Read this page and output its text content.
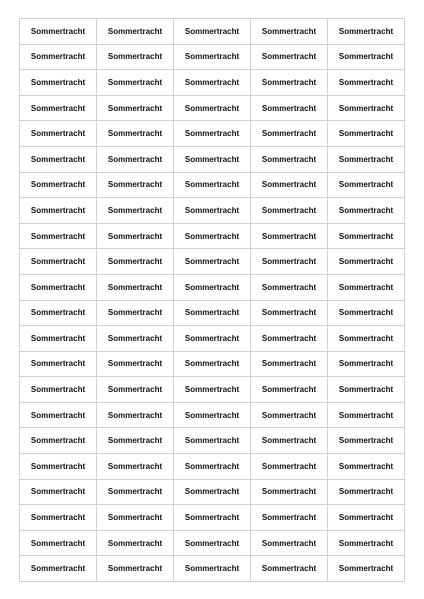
Sommertracht	Sommertracht	Sommertracht	Sommertracht	Sommertracht
Sommertracht	Sommertracht	Sommertracht	Sommertracht	Sommertracht
Sommertracht	Sommertracht	Sommertracht	Sommertracht	Sommertracht
Sommertracht	Sommertracht	Sommertracht	Sommertracht	Sommertracht
Sommertracht	Sommertracht	Sommertracht	Sommertracht	Sommertracht
Sommertracht	Sommertracht	Sommertracht	Sommertracht	Sommertracht
Sommertracht	Sommertracht	Sommertracht	Sommertracht	Sommertracht
Sommertracht	Sommertracht	Sommertracht	Sommertracht	Sommertracht
Sommertracht	Sommertracht	Sommertracht	Sommertracht	Sommertracht
Sommertracht	Sommertracht	Sommertracht	Sommertracht	Sommertracht
Sommertracht	Sommertracht	Sommertracht	Sommertracht	Sommertracht
Sommertracht	Sommertracht	Sommertracht	Sommertracht	Sommertracht
Sommertracht	Sommertracht	Sommertracht	Sommertracht	Sommertracht
Sommertracht	Sommertracht	Sommertracht	Sommertracht	Sommertracht
Sommertracht	Sommertracht	Sommertracht	Sommertracht	Sommertracht
Sommertracht	Sommertracht	Sommertracht	Sommertracht	Sommertracht
Sommertracht	Sommertracht	Sommertracht	Sommertracht	Sommertracht
Sommertracht	Sommertracht	Sommertracht	Sommertracht	Sommertracht
Sommertracht	Sommertracht	Sommertracht	Sommertracht	Sommertracht
Sommertracht	Sommertracht	Sommertracht	Sommertracht	Sommertracht
Sommertracht	Sommertracht	Sommertracht	Sommertracht	Sommertracht
Sommertracht	Sommertracht	Sommertracht	Sommertracht	Sommertracht
